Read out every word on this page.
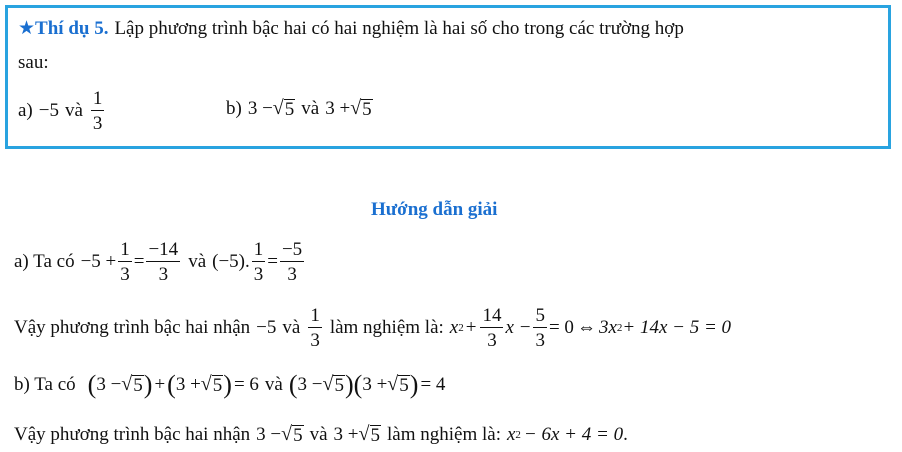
★ Thí dụ 5. Lập phương trình bậc hai có hai nghiệm là hai số cho trong các trường hợp
sau:
a) −5 và $\frac{1}{3}$	b) 3 − √ 5 và 3 + √ 5
Hướng dẫn giải
a) Ta có $-5 + \frac{1}{3} = \frac{-14}{3}$ và (−5). $\frac{1}{3} = \frac{-5}{3}$
Vậy phương trình bậc hai nhận −5 và $\frac{1}{3}$ làm nghiệm là: x $2 + \frac{14}{3}$ $x - \frac{5}{3} = 0$ ⇔ 3x 2 + 14x − 5 = 0
b) Ta có ( 3 − √ 5 ) + ( 3 + √ 5 ) = 6 và ( 3 − √ 5 ) ( 3 + √ 5 ) = 4
Vậy phương trình bậc hai nhận 3 − √ 5 và 3 + √ 5 làm nghiệm là: x 2 − 6x + 4 = 0 .
